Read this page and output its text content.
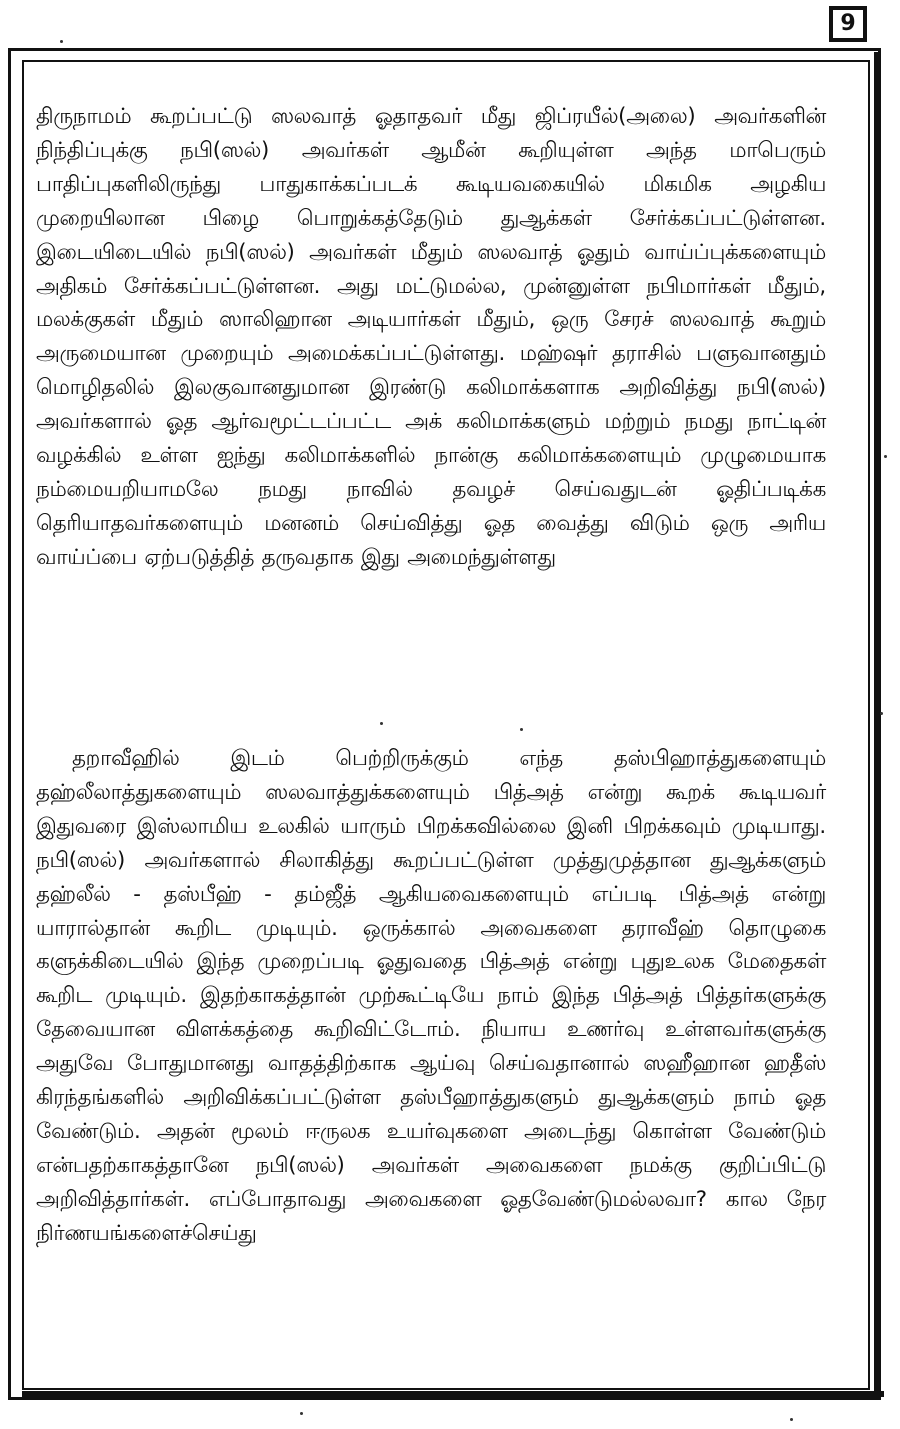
9
திருநாமம் கூறப்பட்டு ஸலவாத் ஓதாதவர் மீது ஜிப்ரயீல்(அலை) அவர்களின் நிந்திப்புக்கு நபி(ஸல்) அவர்கள் ஆமீன் கூறியுள்ள அந்த மாபெரும் பாதிப்புகளிலிருந்து பாதுகாக்கப்படக் கூடியவகையில் மிகமிக அழகிய முறையிலான பிழை பொறுக்கத்தேடும் துஆக்கள் சேர்க்கப்பட்டுள்ளன. இடையிடையில் நபி(ஸல்) அவர்கள் மீதும் ஸலவாத் ஓதும் வாய்ப்புக்களையும் அதிகம் சேர்க்கப்பட்டுள்ளன. அது மட்டுமல்ல, முன்னுள்ள நபிமார்கள் மீதும், மலக்குகள் மீதும் ஸாலிஹான அடியார்கள் மீதும், ஒரு சேரச் ஸலவாத் கூறும் அருமையான முறையும் அமைக்கப்பட்டுள்ளது. மஹ்ஷர் தராசில் பளுவானதும் மொழிதலில் இலகுவானதுமான இரண்டு கலிமாக்களாக அறிவித்து நபி(ஸல்) அவர்களால் ஓத ஆர்வமூட்டப்பட்ட அக் கலிமாக்களும் மற்றும் நமது நாட்டின் வழக்கில் உள்ள ஐந்து கலிமாக்களில் நான்கு கலிமாக்களையும் முழுமையாக நம்மையறியாமலே நமது நாவில் தவழச் செய்வதுடன் ஓதிப்படிக்க தெரியாதவர்களையும் மனனம் செய்வித்து ஓத வைத்து விடும் ஒரு அரிய வாய்ப்பை ஏற்படுத்தித் தருவதாக இது அமைந்துள்ளது
தறாவீஹில் இடம் பெற்றிருக்கும் எந்த தஸ்பிஹாத்துகளையும் தஹ்லீலாத்துகளையும் ஸலவாத்துக்களையும் பித்அத் என்று கூறக் கூடியவர் இதுவரை இஸ்லாமிய உலகில் யாரும் பிறக்கவில்லை இனி பிறக்கவும் முடியாது. நபி(ஸல்) அவர்களால் சிலாகித்து கூறப்பட்டுள்ள முத்துமுத்தான துஆக்களும் தஹ்லீல் - தஸ்பீஹ் - தம்ஜீத் ஆகியவைகளையும் எப்படி பித்அத் என்று யாரால்தான் கூறிட முடியும். ஒருக்கால் அவைகளை தராவீஹ் தொழுகை களுக்கிடையில் இந்த முறைப்படி ஓதுவதை பித்அத் என்று புதுஉலக மேதைகள் கூறிட முடியும். இதற்காகத்தான் முற்கூட்டியே நாம் இந்த பித்அத் பித்தர்களுக்கு தேவையான விளக்கத்தை கூறிவிட்டோம். நியாய உணர்வு உள்ளவர்களுக்கு அதுவே போதுமானது வாதத்திற்காக ஆய்வு செய்வதானால் ஸஹீஹான ஹதீஸ் கிரந்தங்களில் அறிவிக்கப்பட்டுள்ள தஸ்பீஹாத்துகளும் துஆக்களும் நாம் ஓத வேண்டும். அதன் மூலம் ஈருலக உயர்வுகளை அடைந்து கொள்ள வேண்டும் என்பதற்காகத்தானே நபி(ஸல்) அவர்கள் அவைகளை நமக்கு குறிப்பிட்டு அறிவித்தார்கள். எப்போதாவது அவைகளை ஓதவேண்டுமல்லவா? கால நேர நிர்ணயங்களைச்செய்து
